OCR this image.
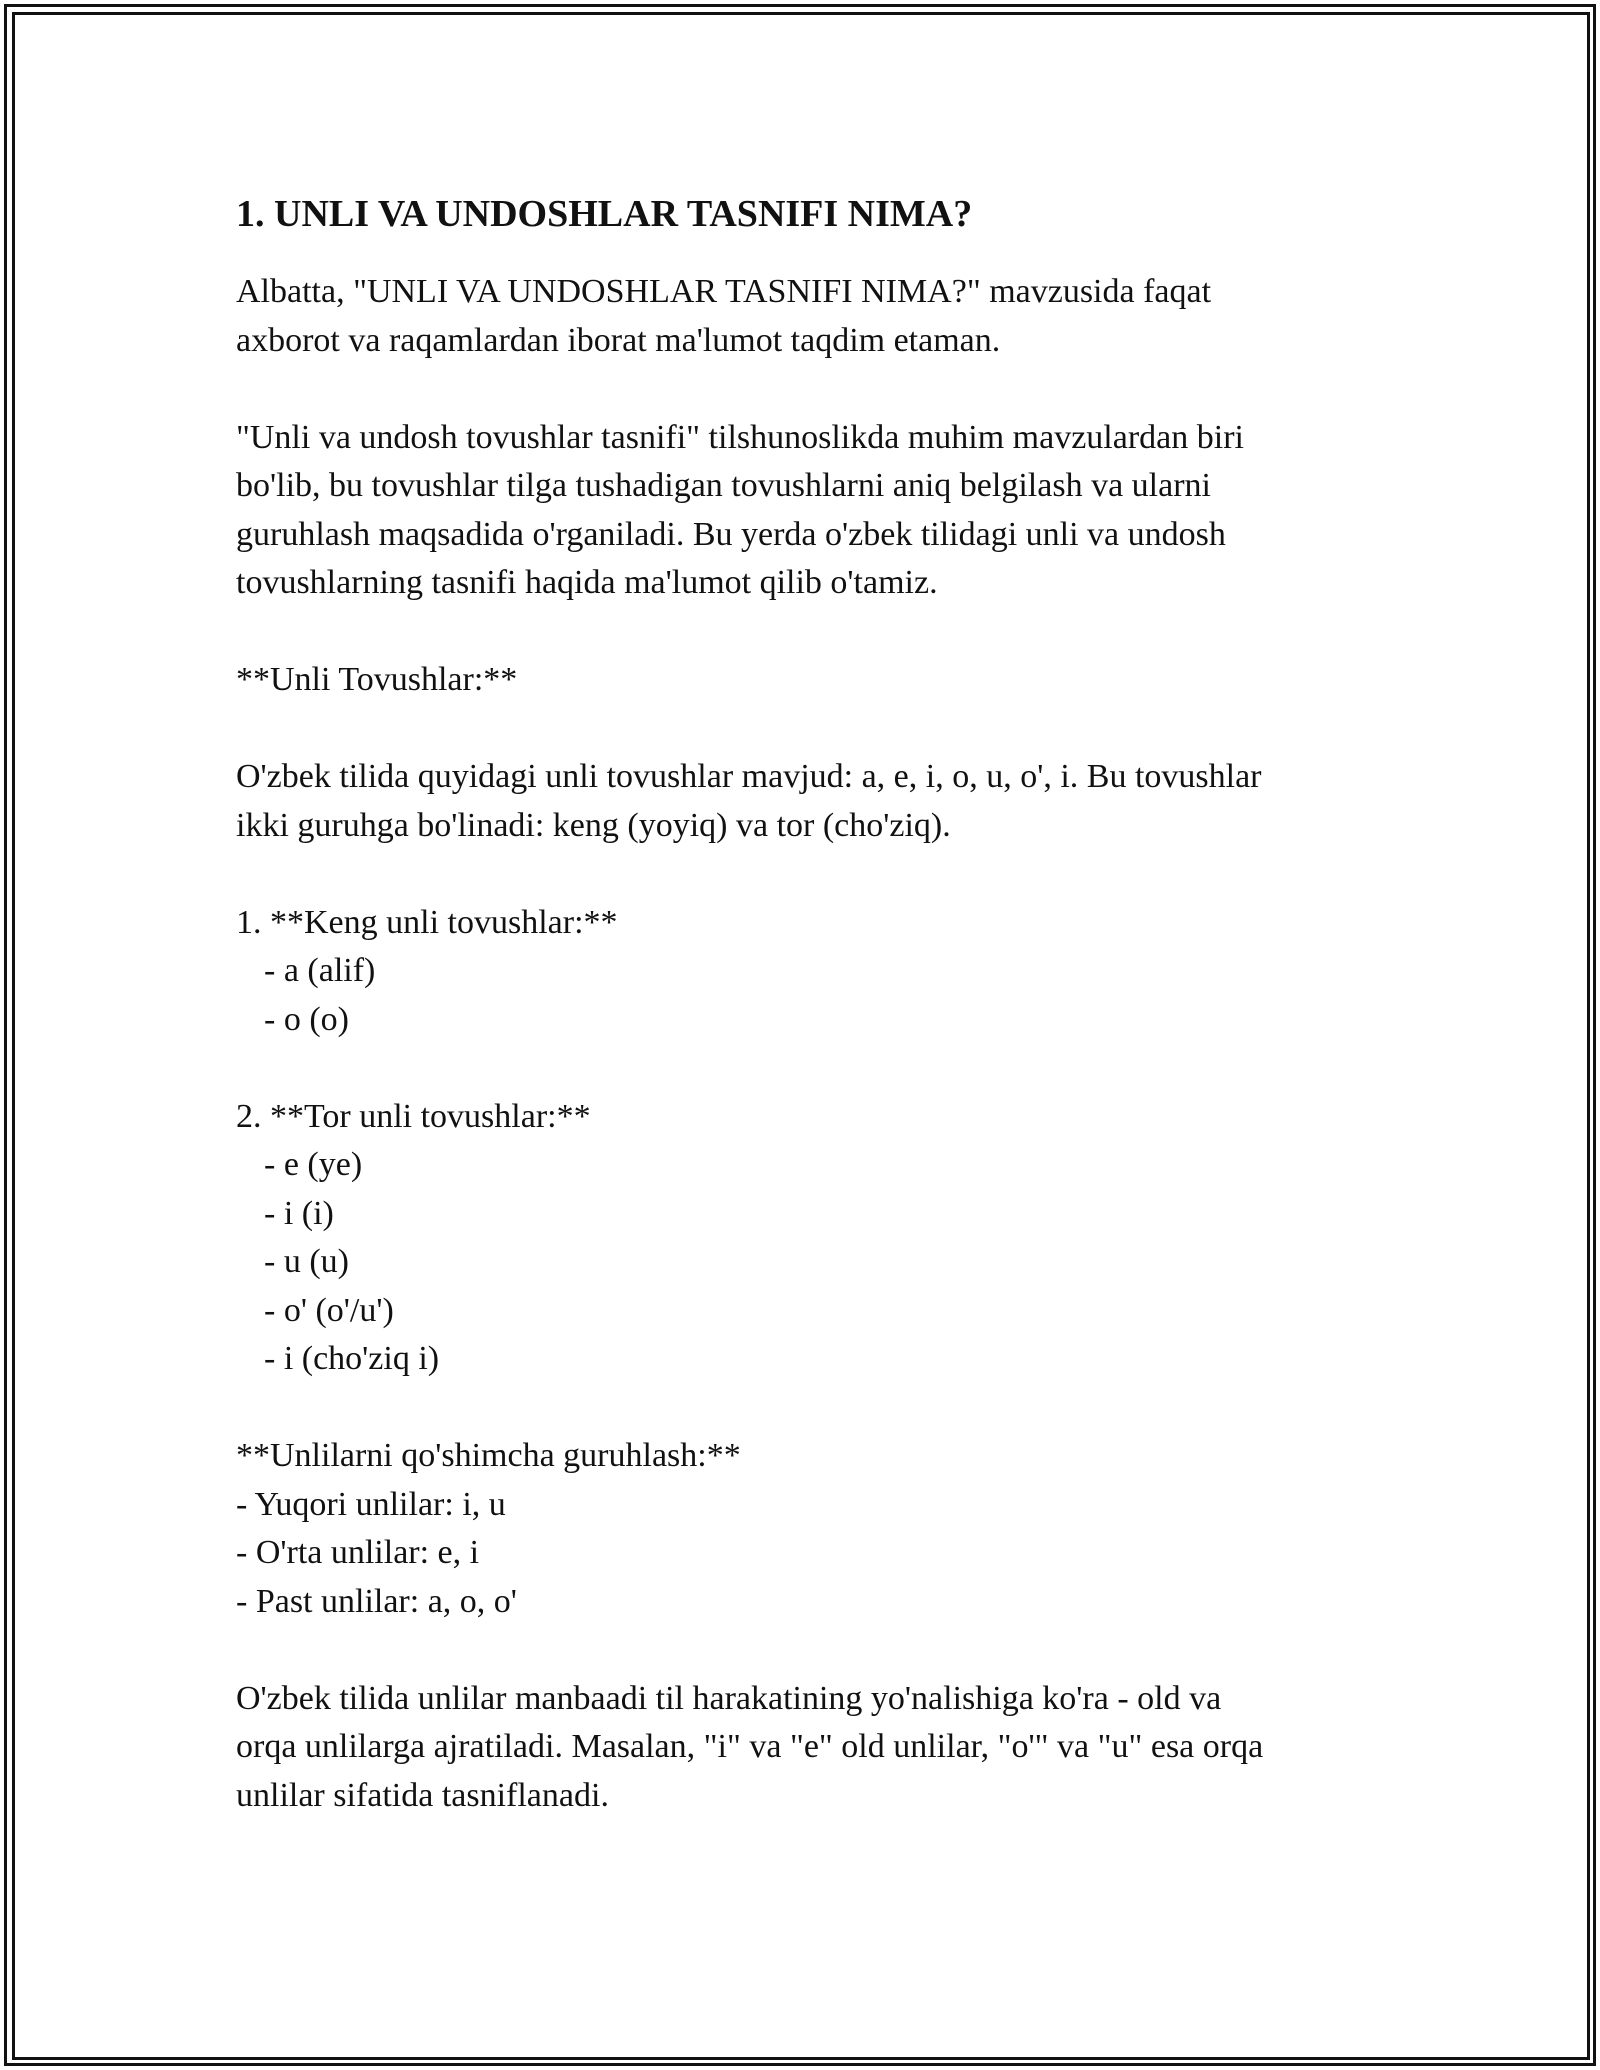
1. UNLI VA UNDOSHLAR TASNIFI NIMA?
Albatta, "UNLI VA UNDOSHLAR TASNIFI NIMA?" mavzusida faqat
axborot va raqamlardan iborat ma'lumot taqdim etaman.
"Unli va undosh tovushlar tasnifi" tilshunoslikda muhim mavzulardan biri
bo'lib, bu tovushlar tilga tushadigan tovushlarni aniq belgilash va ularni
guruhlash maqsadida o'rganiladi. Bu yerda o'zbek tilidagi unli va undosh
tovushlarning tasnifi haqida ma'lumot qilib o'tamiz.
**Unli Tovushlar:**
O'zbek tilida quyidagi unli tovushlar mavjud: a, e, i, o, u, o', i. Bu tovushlar
ikki guruhga bo'linadi: keng (yoyiq) va tor (cho'ziq).
1. **Keng unli tovushlar:**
- a (alif)
- o (o)
2. **Tor unli tovushlar:**
- e (ye)
- i (i)
- u (u)
- o' (o'/u')
- i (cho'ziq i)
**Unlilarni qo'shimcha guruhlash:**
- Yuqori unlilar: i, u
- O'rta unlilar: e, i
- Past unlilar: a, o, o'
O'zbek tilida unlilar manbaadi til harakatining yo'nalishiga ko'ra - old va
orqa unlilarga ajratiladi. Masalan, "i" va "e" old unlilar, "o'" va "u" esa orqa
unlilar sifatida tasniflanadi.
